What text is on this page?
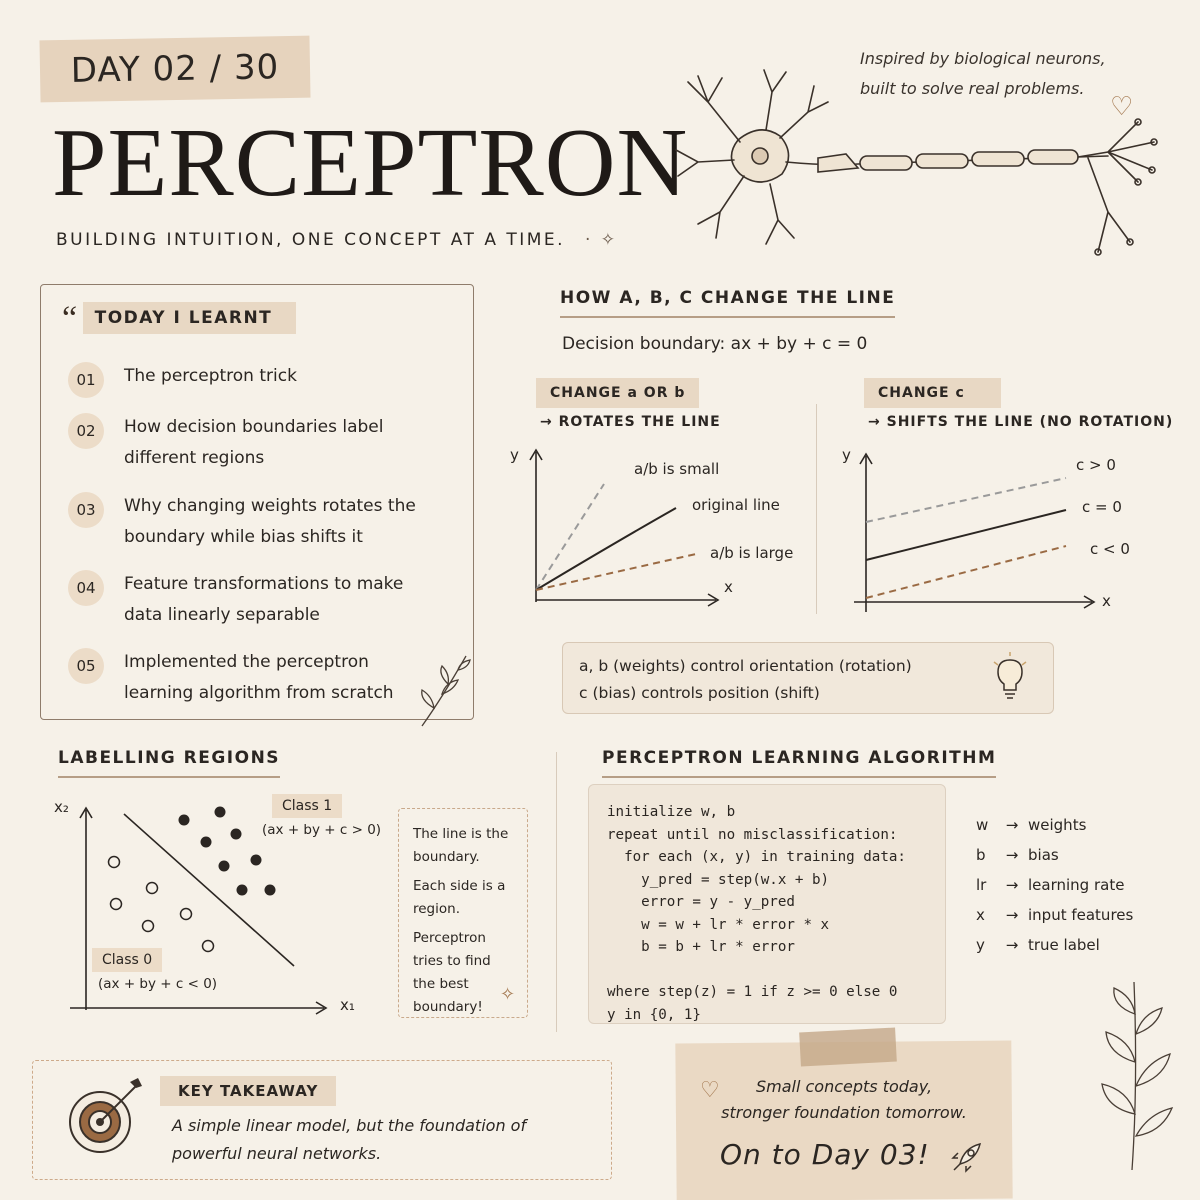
DAY 02 / 30
PERCEPTRON
BUILDING INTUITION, ONE CONCEPT AT A TIME. · ✧
Inspired by biological neurons,
built to solve real problems.
♡
“ TODAY I LEARNT
01	The perceptron trick
02	How decision boundaries label different regions
03	Why changing weights rotates the boundary while bias shifts it
04	Feature transformations to make data linearly separable
05	Implemented the perceptron learning algorithm from scratch
HOW A, B, C CHANGE THE LINE
Decision boundary: ax + by + c = 0
CHANGE a OR b
→ ROTATES THE LINE
CHANGE c
→ SHIFTS THE LINE (NO ROTATION)
y
x
a/b is small
original line
a/b is large
y
x
c > 0
c = 0
c < 0
a, b (weights) control orientation (rotation)
c (bias) controls position (shift)
LABELLING REGIONS
x₂
x₁
Class 1
(ax + by + c > 0)
Class 0
(ax + by + c < 0)

The line is the boundary.

Each side is a region.

Perceptron tries to find the best boundary!

✧
PERCEPTRON LEARNING ALGORITHM
initialize w, b
repeat until no misclassification:
for each (x, y) in training data:
y_pred = step(w.x + b)
error = y - y_pred
w = w + lr * error * x
b = b + lr * error

where step(z) = 1 if z >= 0 else 0
y in {0, 1}
w	→ weights
b	→ bias
lr	→ learning rate
x	→ input features
y	→ true label
KEY TAKEAWAY
A simple linear model, but the foundation of powerful neural networks.
♡	Small concepts today,
stronger foundation tomorrow.
On to Day 03!
